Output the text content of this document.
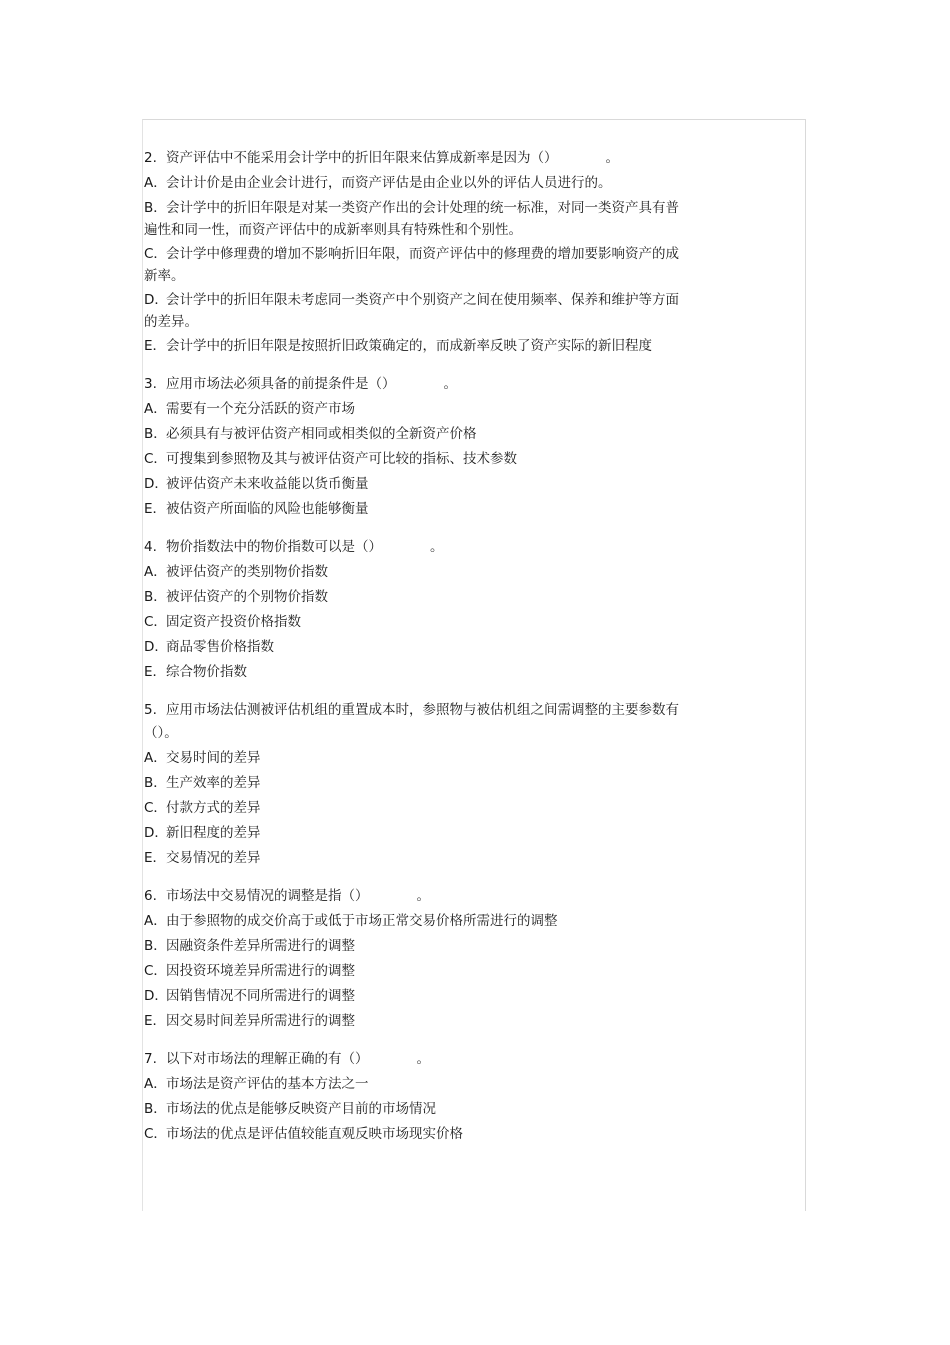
2. 资产评估中不能采用会计学中的折旧年限来估算成新率是因为（）	。
A．会计计价是由企业会计进行，而资产评估是由企业以外的评估人员进行的。
B．会计学中的折旧年限是对某一类资产作出的会计处理的统一标准，对同一类资产具有普
遍性和同一性，而资产评估中的成新率则具有特殊性和个别性。
C．会计学中修理费的增加不影响折旧年限，而资产评估中的修理费的增加要影响资产的成
新率。
D．会计学中的折旧年限未考虑同一类资产中个别资产之间在使用频率、保养和维护等方面
的差异。
E．会计学中的折旧年限是按照折旧政策确定的，而成新率反映了资产实际的新旧程度
3. 应用市场法必须具备的前提条件是（）	。
A．需要有一个充分活跃的资产市场
B．必须具有与被评估资产相同或相类似的全新资产价格
C．可搜集到参照物及其与被评估资产可比较的指标、技术参数
D．被评估资产未来收益能以货币衡量
E．被估资产所面临的风险也能够衡量
4. 物价指数法中的物价指数可以是（）	。
A．被评估资产的类别物价指数
B．被评估资产的个别物价指数
C．固定资产投资价格指数
D．商品零售价格指数
E．综合物价指数
5. 应用市场法估测被评估机组的重置成本时，参照物与被估机组之间需调整的主要参数有
（）。
A．交易时间的差异
B．生产效率的差异
C．付款方式的差异
D．新旧程度的差异
E．交易情况的差异
6. 市场法中交易情况的调整是指（）	。
A．由于参照物的成交价高于或低于市场正常交易价格所需进行的调整
B．因融资条件差异所需进行的调整
C．因投资环境差异所需进行的调整
D．因销售情况不同所需进行的调整
E．因交易时间差异所需进行的调整
7. 以下对市场法的理解正确的有（）	。
A．市场法是资产评估的基本方法之一
B．市场法的优点是能够反映资产目前的市场情况
C．市场法的优点是评估值较能直观反映市场现实价格
